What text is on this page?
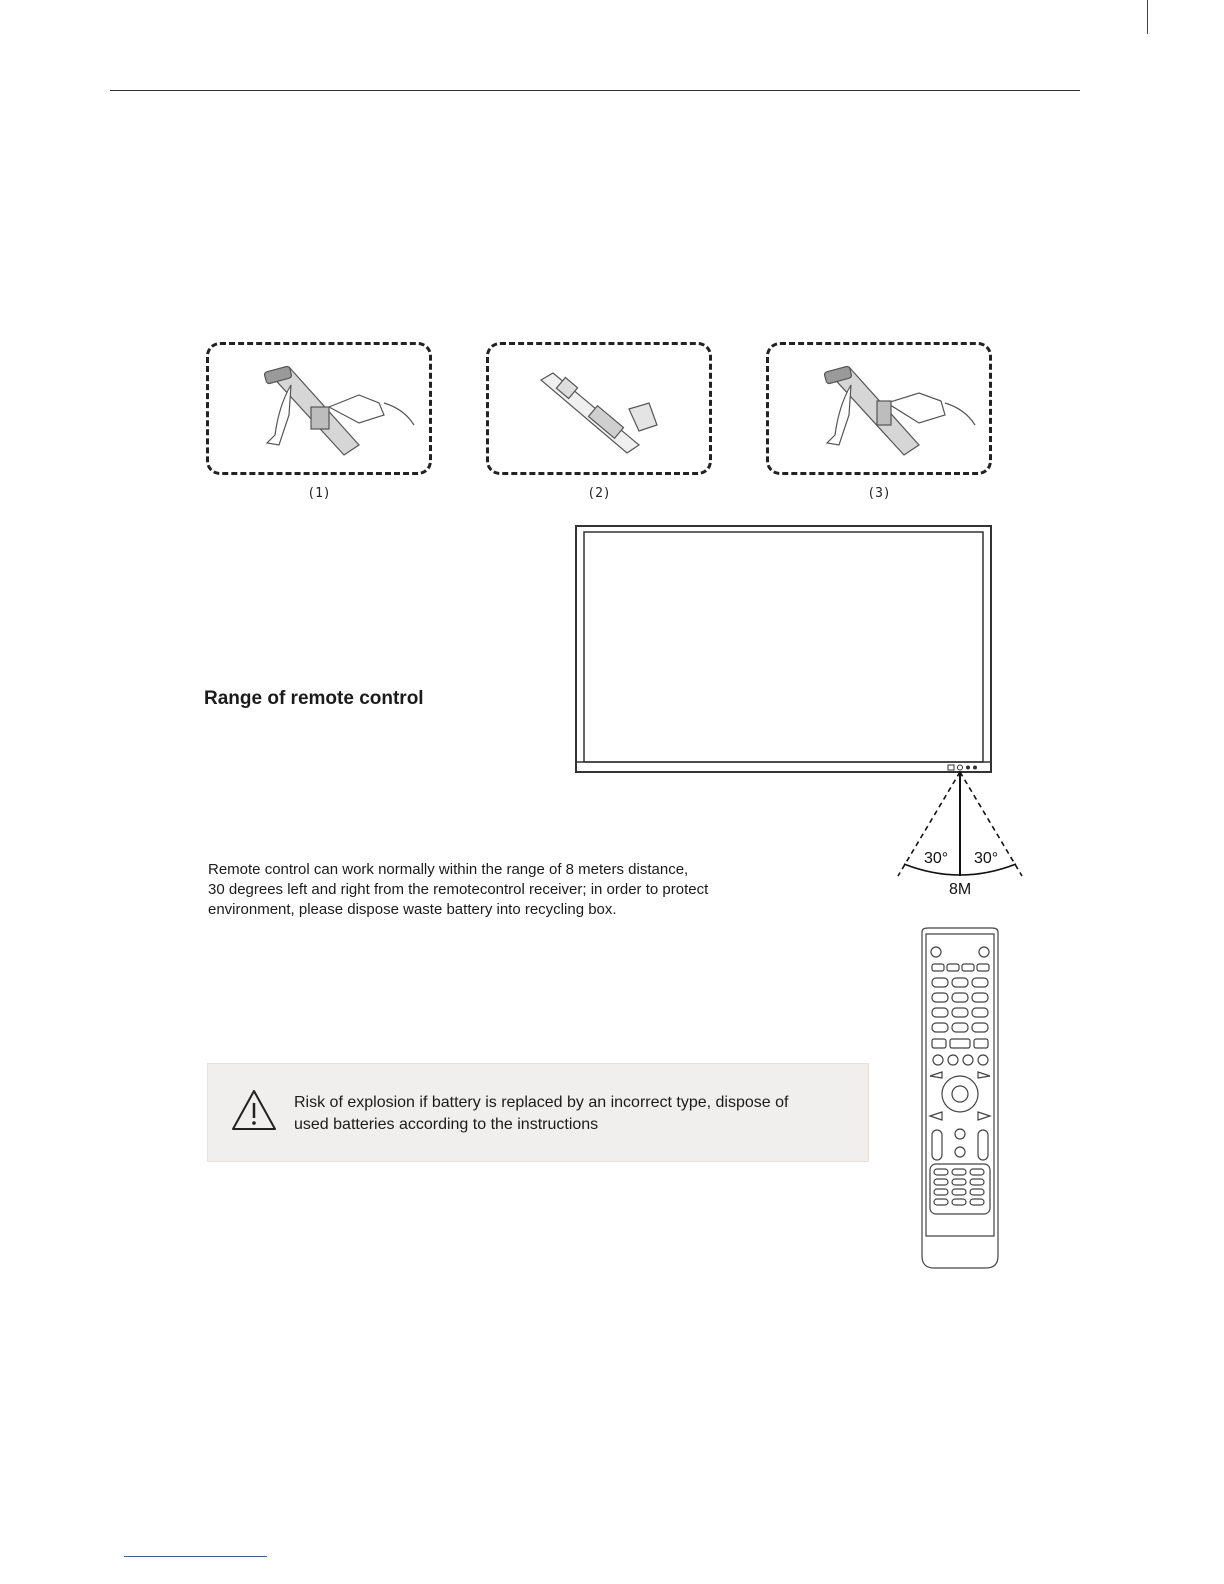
(1)	(2)	(3)
Range of remote control
30° 30°
8M
Remote control can work normally within the range of 8 meters distance,
30 degrees left and right from the remotecontrol receiver; in order to protect
environment, please dispose waste battery into recycling box.
Risk of explosion if battery is replaced by an incorrect type, dispose of
used batteries according to the instructions
